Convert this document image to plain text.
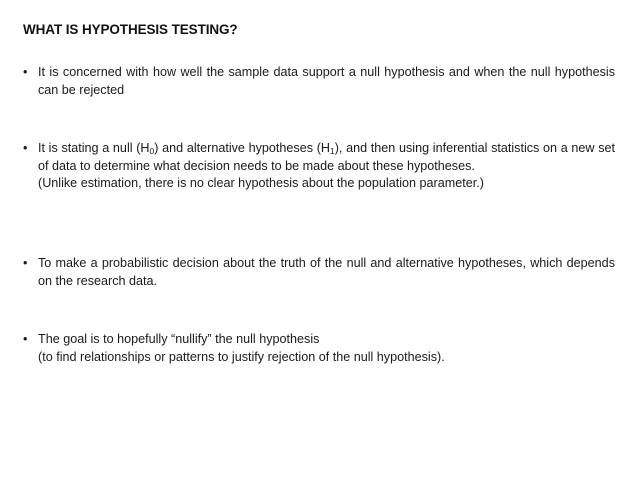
WHAT IS HYPOTHESIS TESTING?
• It is concerned with how well the sample data support a null hypothesis and when the null hypothesis can be rejected
• It is stating a null $(H_0)$ and alternative hypotheses $(H_1)$, and then using inferential statistics on a new set of data to determine what decision needs to be made about these hypotheses.
(Unlike estimation, there is no clear hypothesis about the population parameter.)
• To make a probabilistic decision about the truth of the null and alternative hypotheses, which depends on the research data.
• The goal is to hopefully “nullify” the null hypothesis
(to find relationships or patterns to justify rejection of the null hypothesis).
